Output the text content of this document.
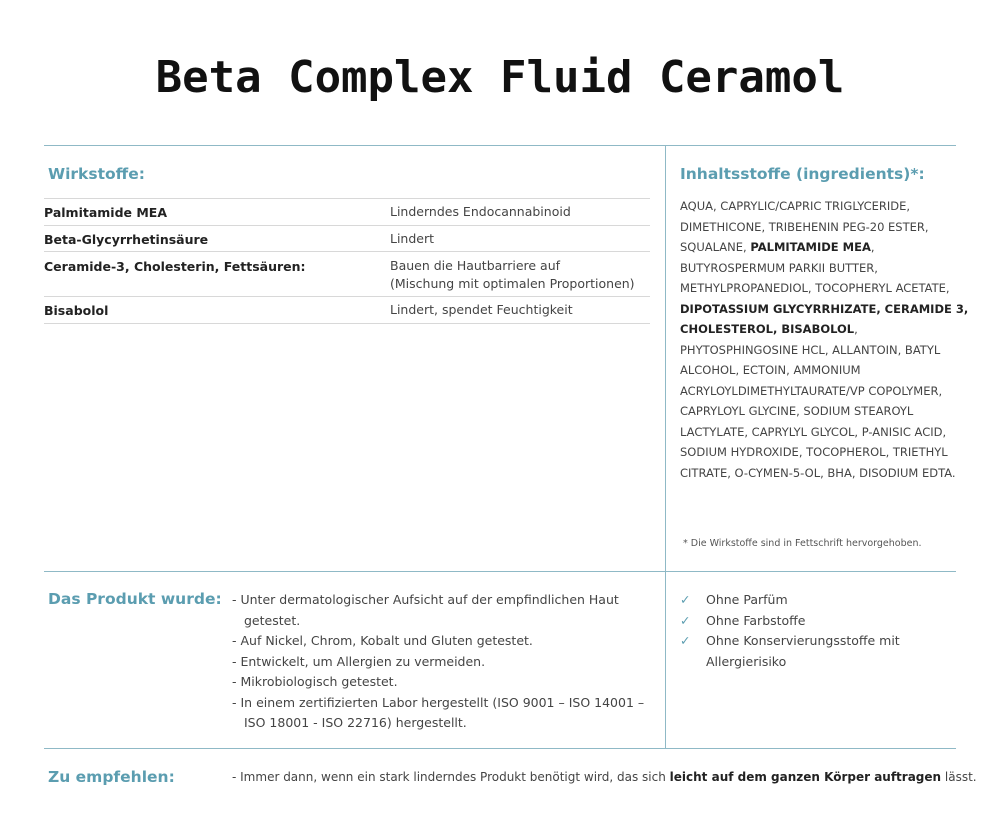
Beta Complex Fluid Ceramol
Wirkstoffe:
Palmitamide MEA	Linderndes Endocannabinoid
Beta-Glycyrrhetinsäure	Lindert
Ceramide-3, Cholesterin, Fettsäuren:	Bauen die Hautbarriere auf
(Mischung mit optimalen Proportionen)
Bisabolol	Lindert, spendet Feuchtigkeit
Inhaltsstoffe (ingredients)*:
AQUA, CAPRYLIC/CAPRIC TRIGLYCERIDE, DIMETHICONE, TRIBEHENIN PEG-20 ESTER, SQUALANE, PALMITAMIDE MEA, BUTYROSPERMUM PARKII BUTTER, METHYLPROPANEDIOL, TOCOPHERYL ACETATE, DIPOTASSIUM GLYCYRRHIZATE, CERAMIDE 3, CHOLESTEROL, BISABOLOL, PHYTOSPHINGOSINE HCL, ALLANTOIN, BATYL ALCOHOL, ECTOIN, AMMONIUM ACRYLOYLDIMETHYLTAURATE/VP COPOLYMER, CAPRYLOYL GLYCINE, SODIUM STEAROYL LACTYLATE, CAPRYLYL GLYCOL, P-ANISIC ACID, SODIUM HYDROXIDE, TOCOPHEROL, TRIETHYL CITRATE, O-CYMEN-5-OL, BHA, DISODIUM EDTA.
* Die Wirkstoffe sind in Fettschrift hervorgehoben.
Das Produkt wurde: - Unter dermatologischer Aufsicht auf der empfindlichen Haut getestet.
- Auf Nickel, Chrom, Kobalt und Gluten getestet.
- Entwickelt, um Allergien zu vermeiden.
- Mikrobiologisch getestet.
- In einem zertifizierten Labor hergestellt (ISO 9001 – ISO 14001 – ISO 18001 - ISO 22716) hergestellt.
✓	Ohne Parfüm
✓	Ohne Farbstoffe
✓	Ohne Konservierungsstoffe mit Allergierisiko
Zu empfehlen:	- Immer dann, wenn ein stark linderndes Produkt benötigt wird, das sich leicht auf dem ganzen Körper auftragen lässt.
